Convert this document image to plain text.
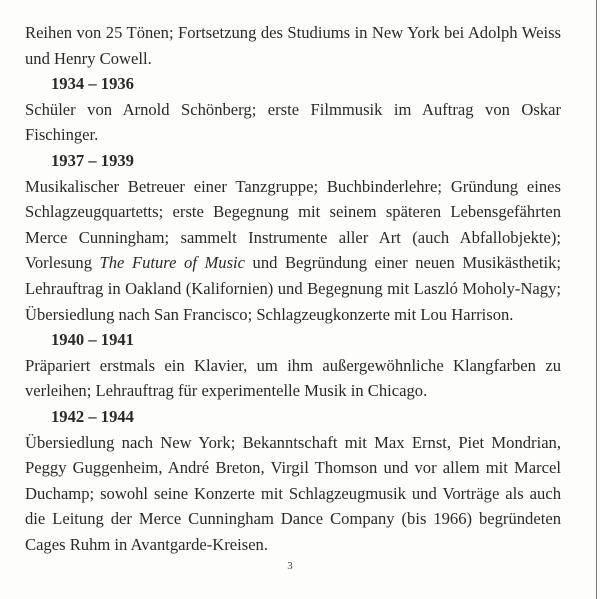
Reihen von 25 Tönen; Fortsetzung des Studiums in New York bei Adolph Weiss und Henry Cowell.

1934 – 1936

Schüler von Arnold Schönberg; erste Filmmusik im Auftrag von Oskar Fischinger.

1937 – 1939

Musikalischer Betreuer einer Tanzgruppe; Buchbinderlehre; Gründung eines Schlagzeugquartetts; erste Begegnung mit seinem späteren Lebensgefährten Merce Cunningham; sammelt Instrumente aller Art (auch Abfallobjekte); Vorlesung The Future of Music und Begründung einer neuen Musikästhetik; Lehrauftrag in Oakland (Kalifornien) und Begegnung mit Laszló Moholy-Nagy; Übersiedlung nach San Francisco; Schlagzeugkonzerte mit Lou Harrison.

1940 – 1941

Präpariert erstmals ein Klavier, um ihm außergewöhnliche Klangfarben zu verleihen; Lehrauftrag für experimentelle Musik in Chicago.

1942 – 1944

Übersiedlung nach New York; Bekanntschaft mit Max Ernst, Piet Mondrian, Peggy Guggenheim, André Breton, Virgil Thomson und vor allem mit Marcel Duchamp; sowohl seine Konzerte mit Schlagzeugmusik und Vorträge als auch die Leitung der Merce Cunningham Dance Company (bis 1966) begründeten Cages Ruhm in Avantgarde-Kreisen.

3
